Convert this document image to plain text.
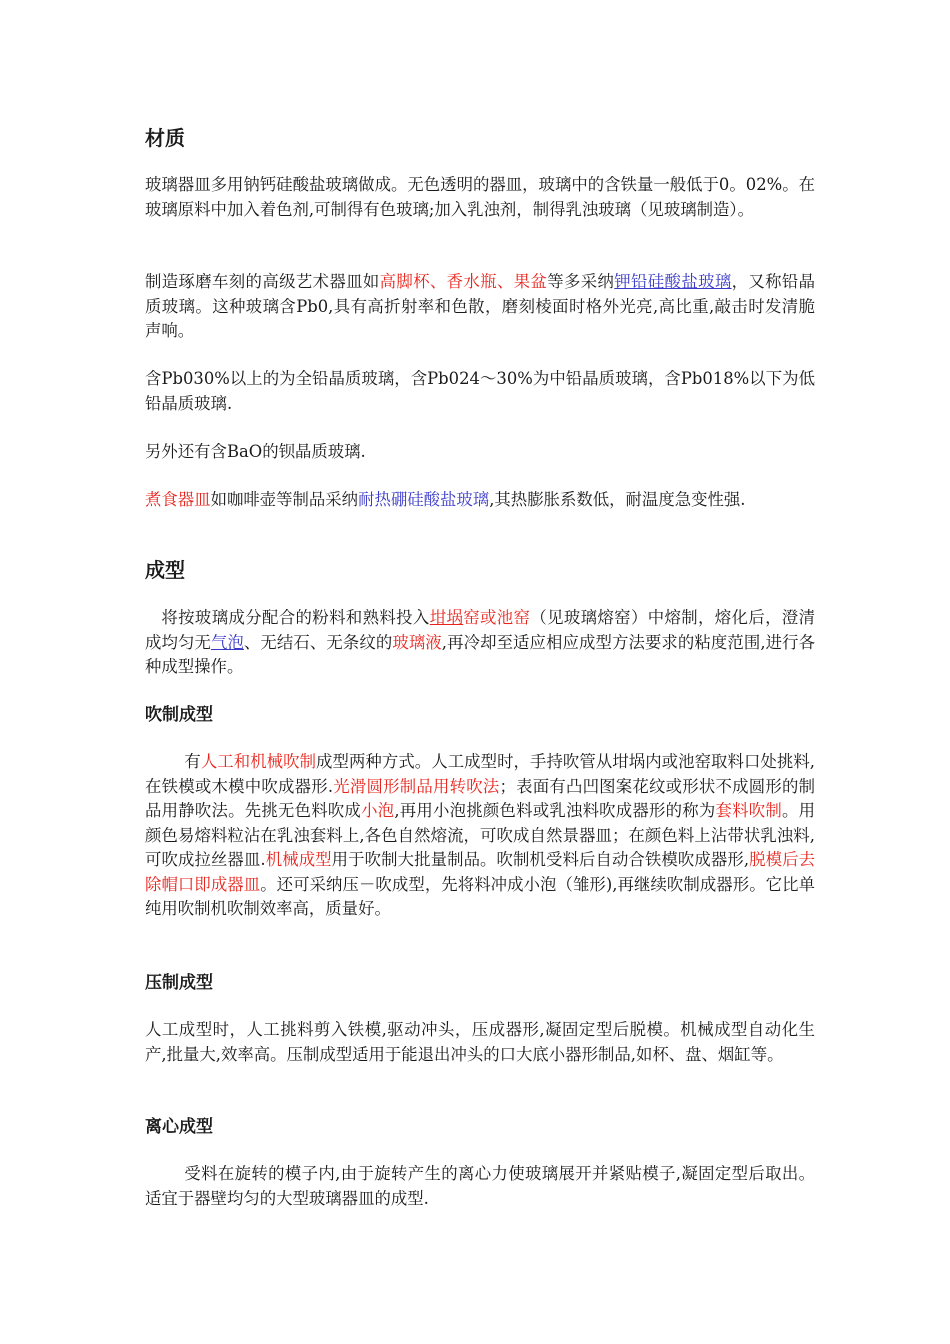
材质

玻璃器皿多用钠钙硅酸盐玻璃做成。无色透明的器皿，玻璃中的含铁量一般低于0。02%。在玻璃原料中加入着色剂,可制得有色玻璃;加入乳浊剂，制得乳浊玻璃（见玻璃制造）。

制造琢磨车刻的高级艺术器皿如高脚杯、香水瓶、果盆等多采纳钾铅硅酸盐玻璃，又称铅晶质玻璃。这种玻璃含Pb0,具有高折射率和色散，磨刻棱面时格外光亮,高比重,敲击时发清脆声响。

含Pb030%以上的为全铅晶质玻璃，含Pb024～30%为中铅晶质玻璃，含Pb018%以下为低铅晶质玻璃.

另外还有含BaO的钡晶质玻璃.

煮食器皿如咖啡壶等制品采纳耐热硼硅酸盐玻璃,其热膨胀系数低，耐温度急变性强.

成型

将按玻璃成分配合的粉料和熟料投入坩埚窑或池窑（见玻璃熔窑）中熔制，熔化后，澄清成均匀无气泡、无结石、无条纹的玻璃液,再冷却至适应相应成型方法要求的粘度范围,进行各种成型操作。

吹制成型

有人工和机械吹制成型两种方式。人工成型时，手持吹管从坩埚内或池窑取料口处挑料,在铁模或木模中吹成器形.光滑圆形制品用转吹法；表面有凸凹图案花纹或形状不成圆形的制品用静吹法。先挑无色料吹成小泡,再用小泡挑颜色料或乳浊料吹成器形的称为套料吹制。用颜色易熔料粒沾在乳浊套料上,各色自然熔流，可吹成自然景器皿；在颜色料上沾带状乳浊料,可吹成拉丝器皿.机械成型用于吹制大批量制品。吹制机受料后自动合铁模吹成器形,脱模后去除帽口即成器皿。还可采纳压－吹成型，先将料冲成小泡（雏形),再继续吹制成器形。它比单纯用吹制机吹制效率高，质量好。

压制成型

人工成型时，人工挑料剪入铁模,驱动冲头，压成器形,凝固定型后脱模。机械成型自动化生产,批量大,效率高。压制成型适用于能退出冲头的口大底小器形制品,如杯、盘、烟缸等。

离心成型

受料在旋转的模子内,由于旋转产生的离心力使玻璃展开并紧贴模子,凝固定型后取出。适宜于器壁均匀的大型玻璃器皿的成型.
